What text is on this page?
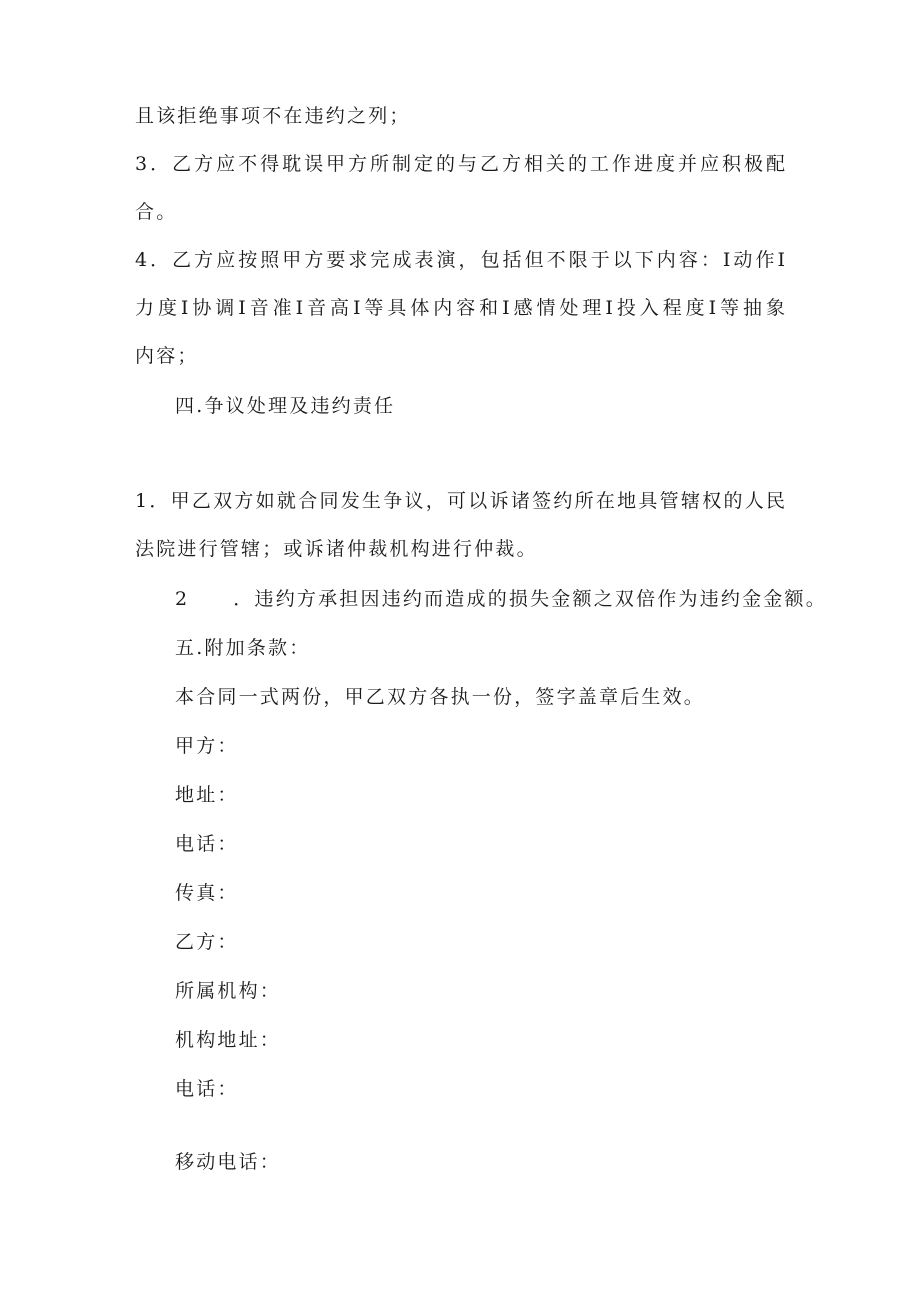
且该拒绝事项不在违约之列；
3．乙方应不得耽误甲方所制定的与乙方相关的工作进度并应积极配
合。
4．乙方应按照甲方要求完成表演，包括但不限于以下内容：I动作I
力度I协调I音准I音高I等具体内容和I感情处理I投入程度I等抽象
内容；
四.争议处理及违约责任
1．甲乙双方如就合同发生争议，可以诉诸签约所在地具管辖权的人民
法院进行管辖；或诉诸仲裁机构进行仲裁。
2 ．违约方承担因违约而造成的损失金额之双倍作为违约金金额。
五.附加条款：
本合同一式两份，甲乙双方各执一份，签字盖章后生效。
甲方：
地址：
电话：
传真：
乙方：
所属机构：
机构地址：
电话：
移动电话：
